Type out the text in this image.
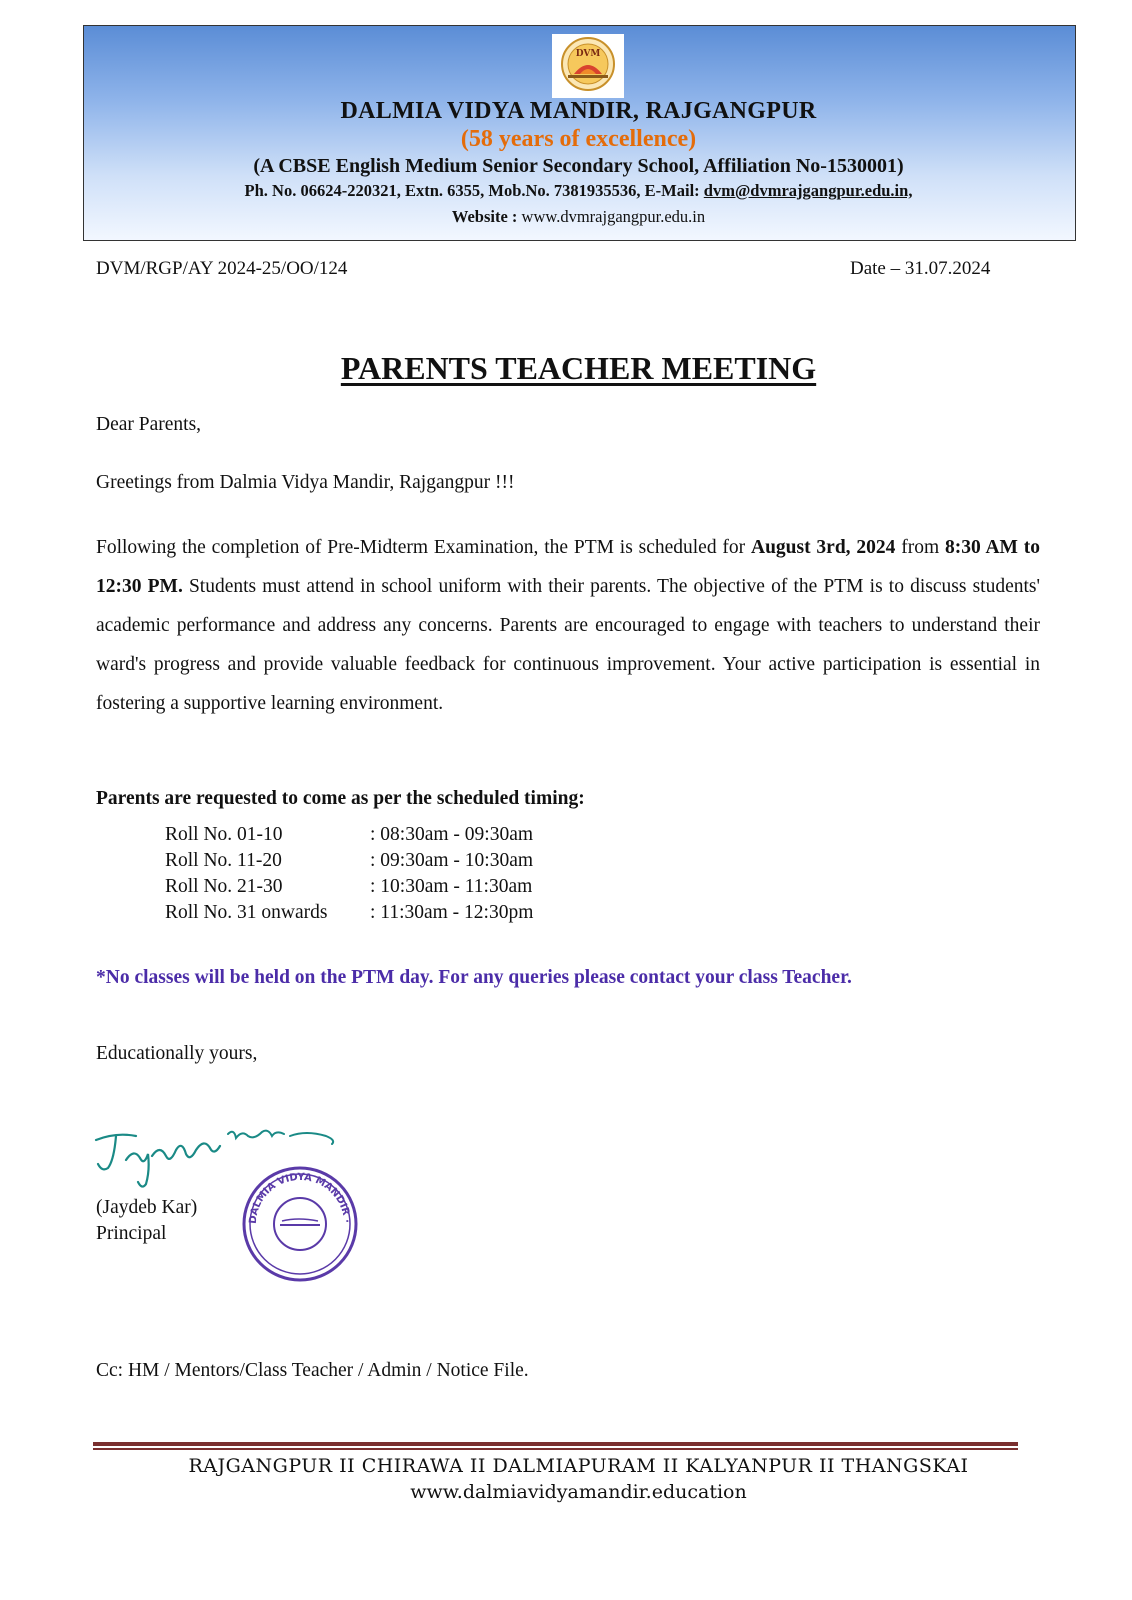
DVM
DALMIA VIDYA MANDIR, RAJGANGPUR
(58 years of excellence)
(A CBSE English Medium Senior Secondary School, Affiliation No-1530001)
Ph. No. 06624-220321, Extn. 6355, Mob.No. 7381935536, E-Mail: dvm@dvmrajgangpur.edu.in,
Website : www.dvmrajgangpur.edu.in
DVM/RGP/AY 2024-25/OO/124	Date – 31.07.2024
PARENTS TEACHER MEETING
Dear Parents,
Greetings from Dalmia Vidya Mandir, Rajgangpur !!!
Following the completion of Pre-Midterm Examination, the PTM is scheduled for August 3rd, 2024 from 8:30 AM to 12:30 PM. Students must attend in school uniform with their parents. The objective of the PTM is to discuss students' academic performance and address any concerns. Parents are encouraged to engage with teachers to understand their ward's progress and provide valuable feedback for continuous improvement. Your active participation is essential in fostering a supportive learning environment.
Parents are requested to come as per the scheduled timing:
Roll No. 01-10	: 08:30am - 09:30am
Roll No. 11-20	: 09:30am - 10:30am
Roll No. 21-30	: 10:30am - 11:30am
Roll No. 31 onwards : 11:30am - 12:30pm
*No classes will be held on the PTM day. For any queries please contact your class Teacher.
Educationally yours,
DALMIA VIDYA MANDIR ·
(Jaydeb Kar)
Principal
Cc: HM / Mentors/Class Teacher / Admin / Notice File.
RAJGANGPUR II CHIRAWA II DALMIAPURAM II KALYANPUR II THANGSKAI
www.dalmiavidyamandir.education
